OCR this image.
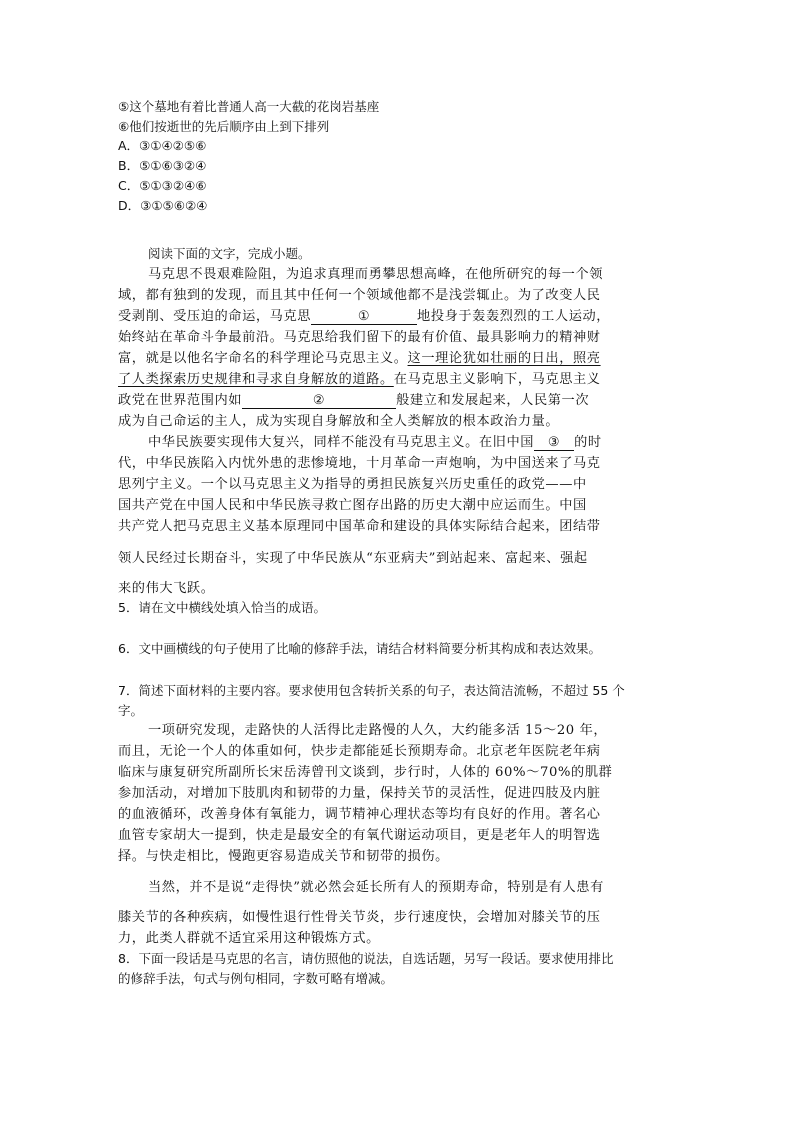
⑤这个墓地有着比普通人高一大截的花岗岩基座
⑥他们按逝世的先后顺序由上到下排列
A．③①④②⑤⑥
B．⑤①⑥③②④
C．⑤①③②④⑥
D．③①⑤⑥②④
阅读下面的文字，完成小题。
马克思不畏艰难险阻，为追求真理而勇攀思想高峰，在他所研究的每一个领
域，都有独到的发现，而且其中任何一个领域他都不是浅尝辄止。为了改变人民
受剥削、受压迫的命运，马克思	①	地投身于轰轰烈烈的工人运动，
始终站在革命斗争最前沿。马克思给我们留下的最有价值、最具影响力的精神财
富，就是以他名字命名的科学理论马克思主义。这一理论犹如壮丽的日出，照亮
了人类探索历史规律和寻求自身解放的道路。在马克思主义影响下，马克思主义
政党在世界范围内如	②	般建立和发展起来，人民第一次
成为自己命运的主人，成为实现自身解放和全人类解放的根本政治力量。
中华民族要实现伟大复兴，同样不能没有马克思主义。在旧中国 ③ 的时
代，中华民族陷入内忧外患的悲惨境地，十月革命一声炮响，为中国送来了马克
思列宁主义。一个以马克思主义为指导的勇担民族复兴历史重任的政党——中
国共产党在中国人民和中华民族寻救亡图存出路的历史大潮中应运而生。中国
共产党人把马克思主义基本原理同中国革命和建设的具体实际结合起来，团结带
领人民经过长期奋斗，实现了中华民族从“东亚病夫”到站起来、富起来、强起
来的伟大飞跃。
5．请在文中横线处填入恰当的成语。
6．文中画横线的句子使用了比喻的修辞手法，请结合材料简要分析其构成和表达效果。
7．简述下面材料的主要内容。要求使用包含转折关系的句子，表达简洁流畅，不超过 55 个
字。
一项研究发现，走路快的人活得比走路慢的人久，大约能多活 15～20 年，
而且，无论一个人的体重如何，快步走都能延长预期寿命。北京老年医院老年病
临床与康复研究所副所长宋岳涛曾刊文谈到，步行时，人体的 60%～70%的肌群
参加活动，对增加下肢肌肉和韧带的力量，保持关节的灵活性，促进四肢及内脏
的血液循环，改善身体有氧能力，调节精神心理状态等均有良好的作用。著名心
血管专家胡大一提到，快走是最安全的有氧代谢运动项目，更是老年人的明智选
择。与快走相比，慢跑更容易造成关节和韧带的损伤。
当然，并不是说“走得快”就必然会延长所有人的预期寿命，特别是有人患有
膝关节的各种疾病，如慢性退行性骨关节炎，步行速度快，会增加对膝关节的压
力，此类人群就不适宜采用这种锻炼方式。
8．下面一段话是马克思的名言，请仿照他的说法，自选话题，另写一段话。要求使用排比
的修辞手法，句式与例句相同，字数可略有增减。
